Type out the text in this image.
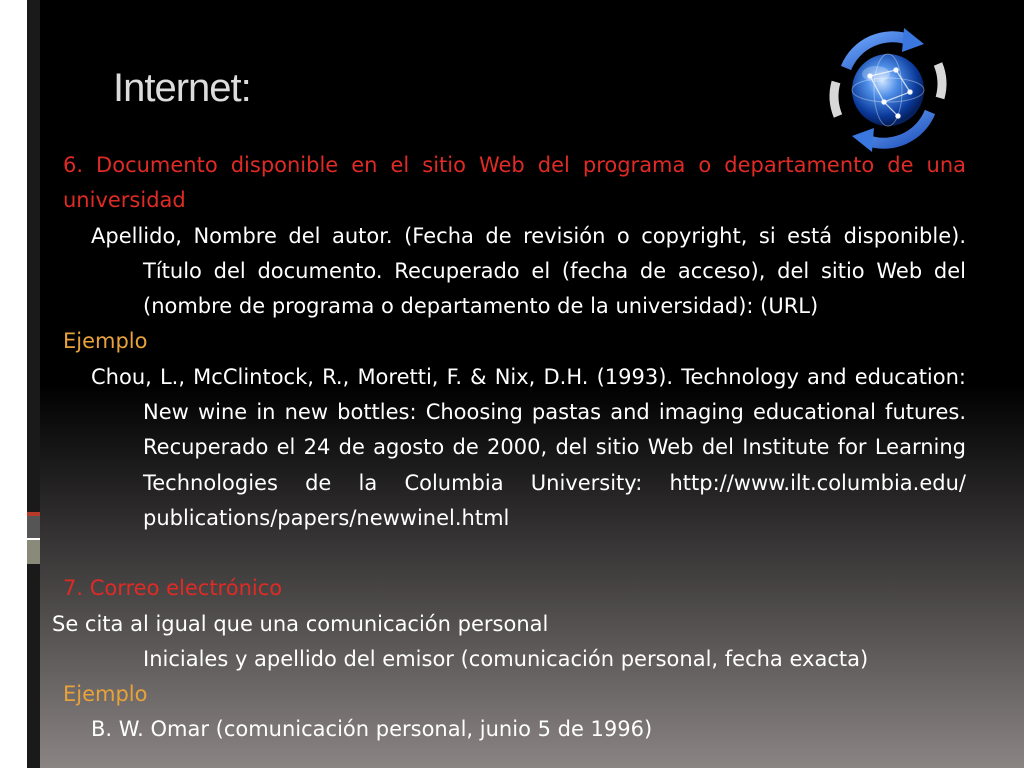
Internet:

6. Documento disponible en el sitio Web del programa o departamento de una universidad

Apellido, Nombre del autor. (Fecha de revisión o copyright, si está disponible). Título del documento. Recuperado el (fecha de acceso), del sitio Web del (nombre de programa o departamento de la universidad): (URL)

Ejemplo

Chou, L., McClintock, R., Moretti, F. & Nix, D.H. (1993). Technology and education: New wine in new bottles: Choosing pastas and imaging educational futures. Recuperado el 24 de agosto de 2000, del sitio Web del Institute for Learning Technologies de la Columbia University: http://www.ilt.columbia.edu/ publications/papers/newwinel.html

7. Correo electrónico

Se cita al igual que una comunicación personal

Iniciales y apellido del emisor (comunicación personal, fecha exacta)

Ejemplo

B. W. Omar (comunicación personal, junio 5 de 1996)
